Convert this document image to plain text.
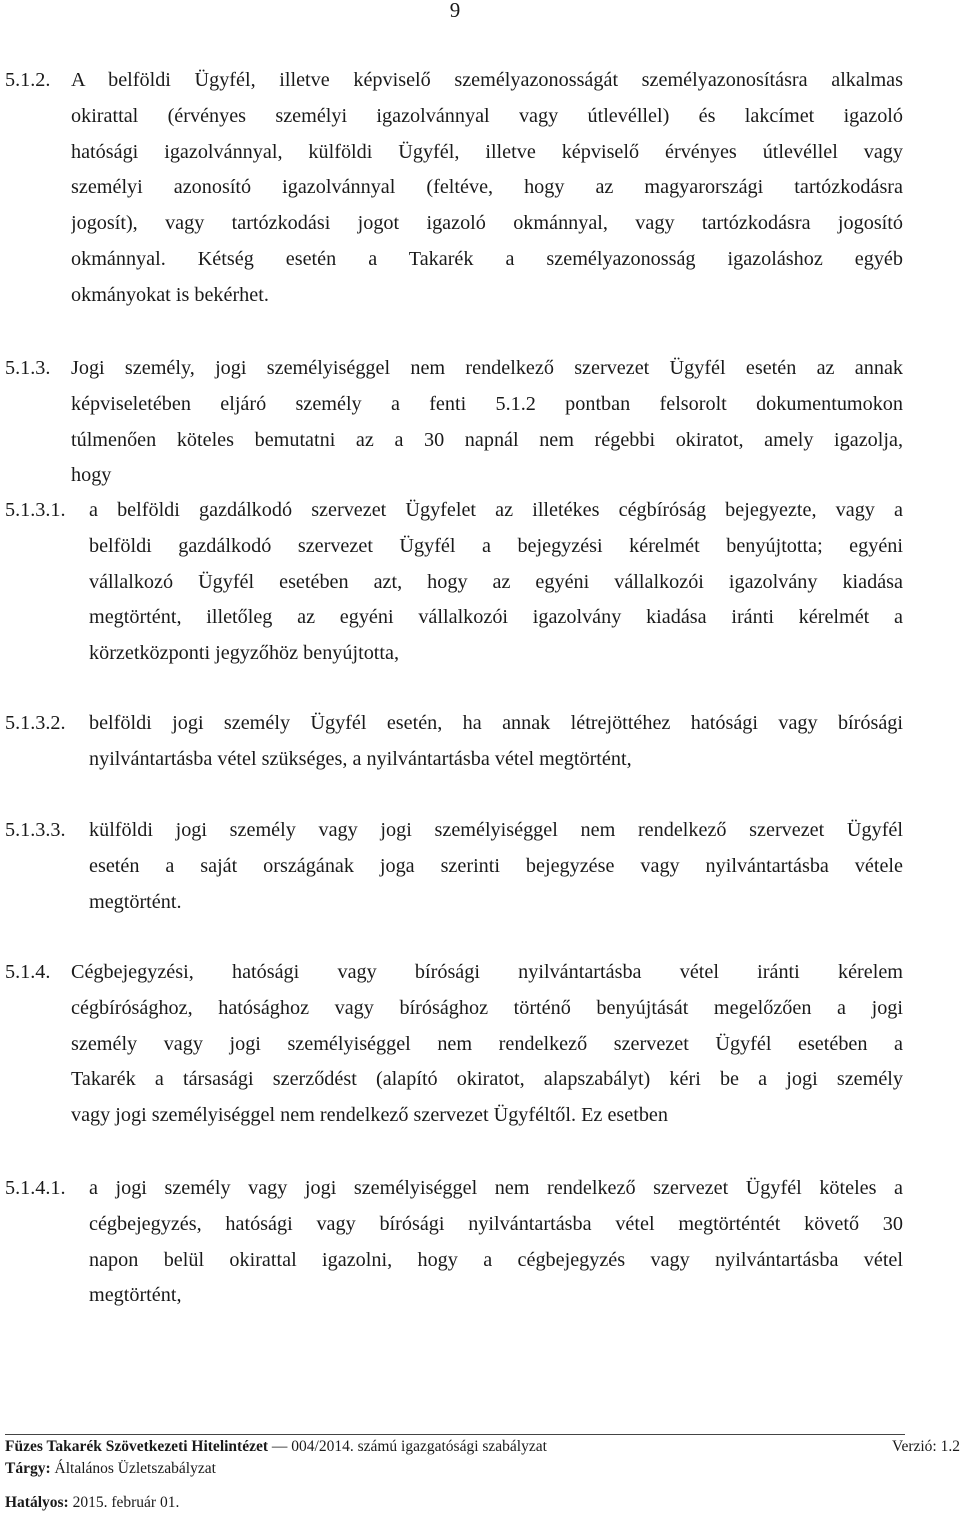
9
5.1.2. A belföldi Ügyfél, illetve képviselő személyazonosságát személyazonosításra alkalmas
okirattal (érvényes személyi igazolvánnyal vagy útlevéllel) és lakcímet igazoló
hatósági igazolvánnyal, külföldi Ügyfél, illetve képviselő érvényes útlevéllel vagy
személyi azonosító igazolvánnyal (feltéve, hogy az magyarországi tartózkodásra
jogosít), vagy tartózkodási jogot igazoló okmánnyal, vagy tartózkodásra jogosító
okmánnyal. Kétség esetén a Takarék a személyazonosság igazoláshoz egyéb
okmányokat is bekérhet.
5.1.3. Jogi személy, jogi személyiséggel nem rendelkező szervezet Ügyfél esetén az annak
képviseletében eljáró személy a fenti 5.1.2 pontban felsorolt dokumentumokon
túlmenően köteles bemutatni az a 30 napnál nem régebbi okiratot, amely igazolja,
hogy
5.1.3.1. a belföldi gazdálkodó szervezet Ügyfelet az illetékes cégbíróság bejegyezte, vagy a
belföldi gazdálkodó szervezet Ügyfél a bejegyzési kérelmét benyújtotta; egyéni
vállalkozó Ügyfél esetében azt, hogy az egyéni vállalkozói igazolvány kiadása
megtörtént, illetőleg az egyéni vállalkozói igazolvány kiadása iránti kérelmét a
körzetközponti jegyzőhöz benyújtotta,
5.1.3.2. belföldi jogi személy Ügyfél esetén, ha annak létrejöttéhez hatósági vagy bírósági
nyilvántartásba vétel szükséges, a nyilvántartásba vétel megtörtént,
5.1.3.3. külföldi jogi személy vagy jogi személyiséggel nem rendelkező szervezet Ügyfél
esetén a saját országának joga szerinti bejegyzése vagy nyilvántartásba vétele
megtörtént.
5.1.4. Cégbejegyzési, hatósági vagy bírósági nyilvántartásba vétel iránti kérelem
cégbírósághoz, hatósághoz vagy bírósághoz történő benyújtását megelőzően a jogi
személy vagy jogi személyiséggel nem rendelkező szervezet Ügyfél esetében a
Takarék a társasági szerződést (alapító okiratot, alapszabályt) kéri be a jogi személy
vagy jogi személyiséggel nem rendelkező szervezet Ügyféltől. Ez esetben
5.1.4.1. a jogi személy vagy jogi személyiséggel nem rendelkező szervezet Ügyfél köteles a
cégbejegyzés, hatósági vagy bírósági nyilvántartásba vétel megtörténtét követő 30
napon belül okirattal igazolni, hogy a cégbejegyzés vagy nyilvántartásba vétel
megtörtént,
Füzes Takarék Szövetkezeti Hitelintézet — 004/2014. számú igazgatósági szabályzat	Verzió: 1.2
Tárgy: Általános Üzletszabályzat
Hatályos: 2015. február 01.
